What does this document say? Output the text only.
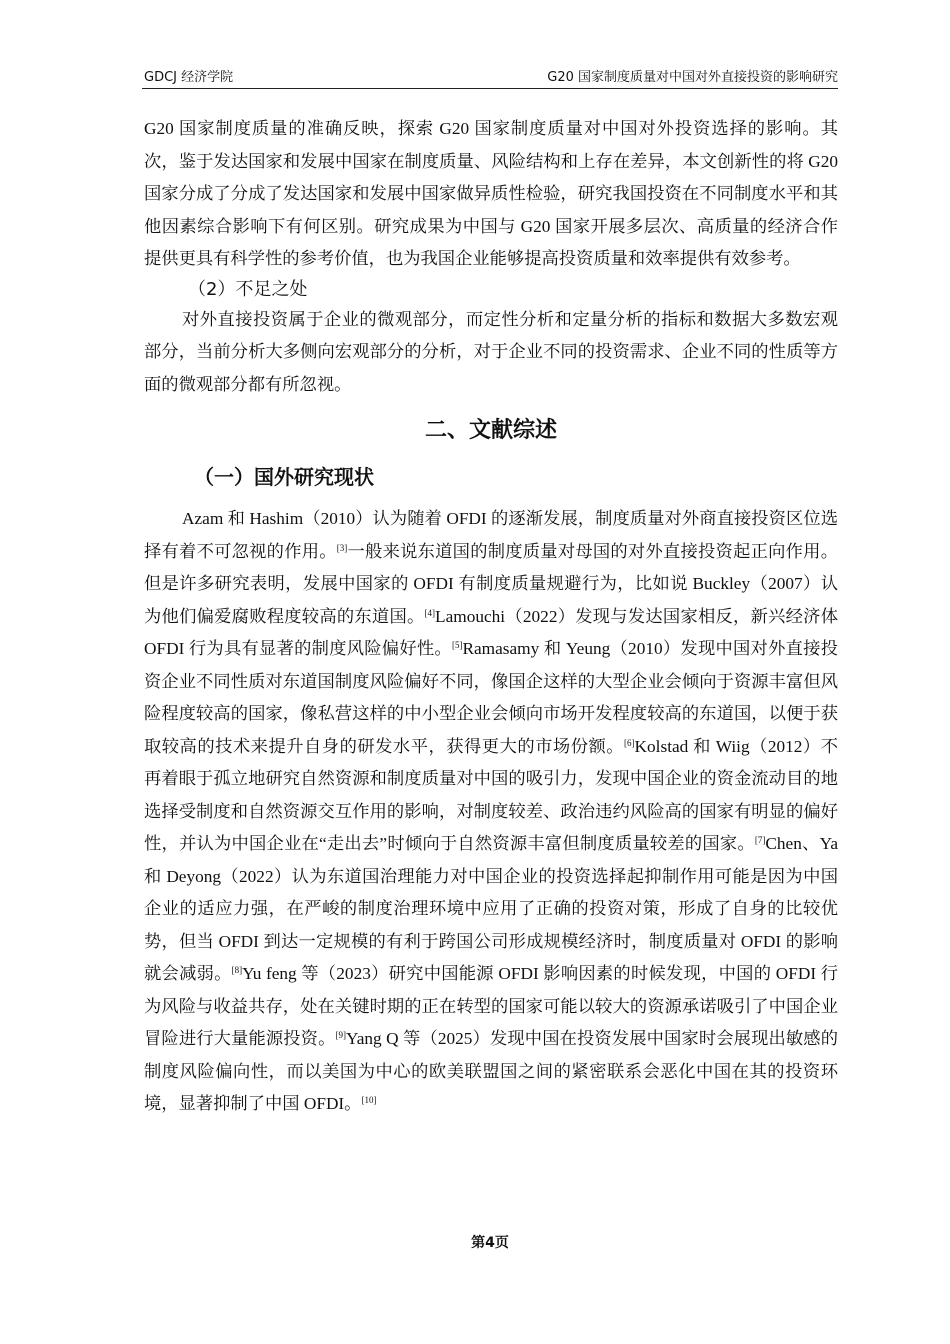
GDCJ 经济学院	G20 国家制度质量对中国对外直接投资的影响研究

G20 国家制度质量的准确反映，探索 G20 国家制度质量对中国对外投资选择的影响。其次，鉴于发达国家和发展中国家在制度质量、风险结构和上存在差异，本文创新性的将 G20 国家分成了分成了发达国家和发展中国家做异质性检验，研究我国投资在不同制度水平和其他因素综合影响下有何区别。研究成果为中国与 G20 国家开展多层次、高质量的经济合作提供更具有科学性的参考价值，也为我国企业能够提高投资质量和效率提供有效参考。

（2）不足之处

对外直接投资属于企业的微观部分，而定性分析和定量分析的指标和数据大多数宏观部分，当前分析大多侧向宏观部分的分析，对于企业不同的投资需求、企业不同的性质等方面的微观部分都有所忽视。

二、文献综述
（一）国外研究现状

Azam 和 Hashim（2010）认为随着 OFDI 的逐渐发展，制度质量对外商直接投资区位选择有着不可忽视的作用。[3]一般来说东道国的制度质量对母国的对外直接投资起正向作用。但是许多研究表明，发展中国家的 OFDI 有制度质量规避行为，比如说 Buckley（2007）认为他们偏爱腐败程度较高的东道国。[4]Lamouchi（2022）发现与发达国家相反，新兴经济体 OFDI 行为具有显著的制度风险偏好性。[5]Ramasamy 和 Yeung（2010）发现中国对外直接投资企业不同性质对东道国制度风险偏好不同，像国企这样的大型企业会倾向于资源丰富但风险程度较高的国家，像私营这样的中小型企业会倾向市场开发程度较高的东道国，以便于获取较高的技术来提升自身的研发水平，获得更大的市场份额。[6]Kolstad 和 Wiig（2012）不再着眼于孤立地研究自然资源和制度质量对中国的吸引力，发现中国企业的资金流动目的地选择受制度和自然资源交互作用的影响，对制度较差、政治违约风险高的国家有明显的偏好性，并认为中国企业在“走出去”时倾向于自然资源丰富但制度质量较差的国家。[7]Chen、Ya 和 Deyong（2022）认为东道国治理能力对中国企业的投资选择起抑制作用可能是因为中国企业的适应力强，在严峻的制度治理环境中应用了正确的投资对策，形成了自身的比较优势，但当 OFDI 到达一定规模的有利于跨国公司形成规模经济时，制度质量对 OFDI 的影响就会减弱。[8]Yu feng 等（2023）研究中国能源 OFDI 影响因素的时候发现，中国的 OFDI 行为风险与收益共存，处在关键时期的正在转型的国家可能以较大的资源承诺吸引了中国企业冒险进行大量能源投资。[9]Yang Q 等（2025）发现中国在投资发展中国家时会展现出敏感的制度风险偏向性，而以美国为中心的欧美联盟国之间的紧密联系会恶化中国在其的投资环境，显著抑制了中国 OFDI。[10]

第4页
